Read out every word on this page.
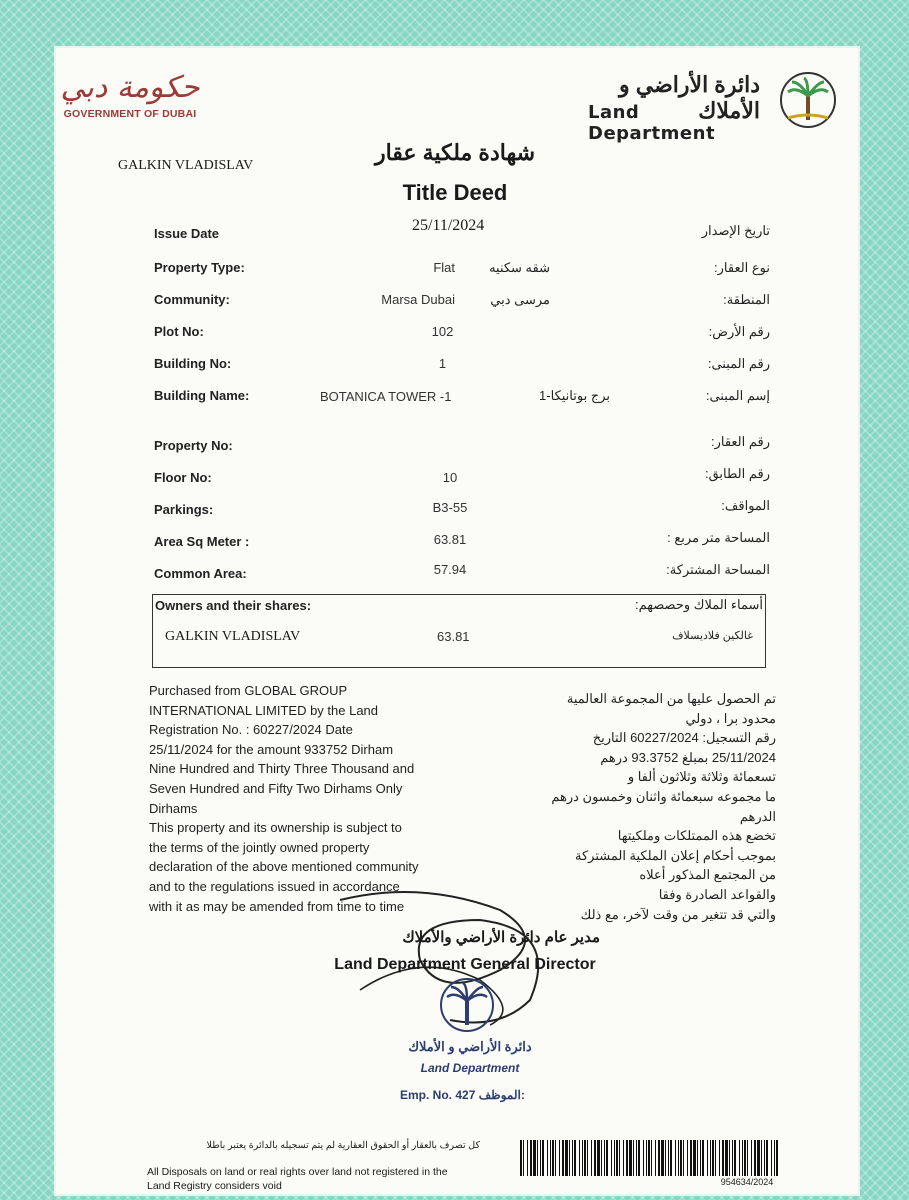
حكومة دبي
GOVERNMENT OF DUBAI
دائرة الأراضي و الأملاك
Land Department
GALKIN VLADISLAV
شهادة ملكية عقار
Title Deed
Issue Date	25/11/2024	تاريخ الإصدار
Property Type:	Flat	شقه سكنيه	نوع العقار:
Community:	Marsa Dubai	مرسى دبي	المنطقة:
Plot No:	102	رقم الأرض:
Building No:	1	رقم المبنى:
Building Name:	BOTANICA TOWER -1	برج بوتانيكا-1	إسم المبنى:
Property No:	رقم العقار:
Floor No:	10	رقم الطابق:
Parkings:	B3-55	المواقف:
Area Sq Meter :	63.81	المساحة متر مربع :
Common Area:	57.94	المساحة المشتركة:
Owners and their shares:	أسماء الملاك وحصصهم:
GALKIN VLADISLAV	63.81	غالكين فلاديسلاف
Purchased from GLOBAL GROUP
INTERNATIONAL LIMITED by the Land
Registration No. : 60227/2024 Date
25/11/2024 for the amount 933752 Dirham
Nine Hundred and Thirty Three Thousand and
Seven Hundred and Fifty Two Dirhams Only
Dirhams
This property and its ownership is subject to
the terms of the jointly owned property
declaration of the above mentioned community
and to the regulations issued in accordance
with it as may be amended from time to time
تم الحصول عليها من المجموعة العالمية
محدود برا ، دولي
رقم التسجيل: 60227/2024 التاريخ
25/11/2024 بمبلغ 93.3752 درهم
تسعمائة وثلاثة وثلاثون ألفا و
ما مجموعه سبعمائة واثنان وخمسون درهم
الدرهم
تخضع هذه الممتلكات وملكيتها
بموجب أحكام إعلان الملكية المشتركة
من المجتمع المذكور أعلاه
والقواعد الصادرة وفقا
والتي قد تتغير من وقت لآخر، مع ذلك
مدير عام دائرة الأراضي والأملاك
Land Department General Director
دائرة الأراضي و الأملاك
Land Department
Emp. No. 427 الموظف:
كل تصرف بالعقار أو الحقوق العقارية لم يتم تسجيله بالدائرة يعتبر باطلا
All Disposals on land or real rights over land not registered in the
Land Registry considers void	954634/2024
